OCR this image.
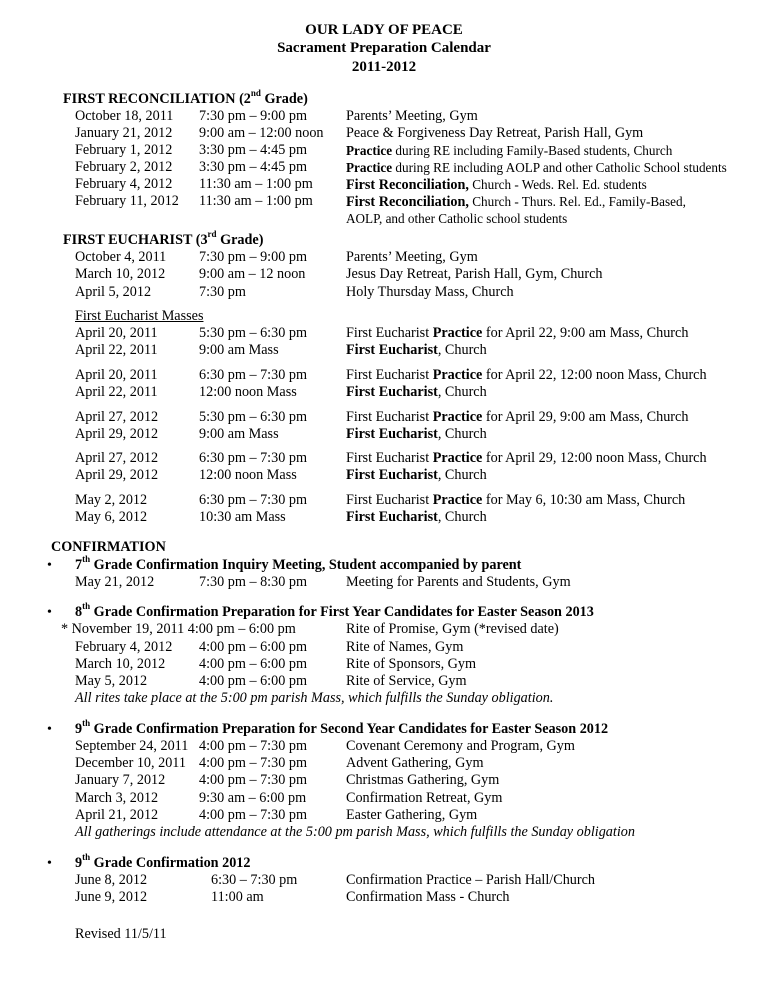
OUR LADY OF PEACE
Sacrament Preparation Calendar
2011-2012
FIRST RECONCILIATION (2nd Grade)
October 18, 2011 7:30 pm – 9:00 pm	Parents’ Meeting, Gym
January 21, 2012 9:00 am – 12:00 noon Peace & Forgiveness Day Retreat, Parish Hall, Gym
February 1, 2012 3:30 pm – 4:45 pm	Practice during RE including Family-Based students, Church
February 2, 2012 3:30 pm – 4:45 pm	Practice during RE including AOLP and other Catholic School students
February 4, 2012 11:30 am – 1:00 pm First Reconciliation, Church - Weds. Rel. Ed. students
February 11, 2012 11:30 am – 1:00 pm First Reconciliation, Church - Thurs. Rel. Ed., Family-Based,
AOLP, and other Catholic school students
FIRST EUCHARIST (3rd Grade)
October 4, 2011 7:30 pm – 9:00 pm	Parents’ Meeting, Gym
March 10, 2012 9:00 am – 12 noon	Jesus Day Retreat, Parish Hall, Gym, Church
April 5, 2012	7:30 pm	Holy Thursday Mass, Church
First Eucharist Masses
April 20, 2011	5:30 pm – 6:30 pm	First Eucharist Practice for April 22, 9:00 am Mass, Church
April 22, 2011	9:00 am Mass	First Eucharist, Church
April 20, 2011	6:30 pm – 7:30 pm	First Eucharist Practice for April 22, 12:00 noon Mass, Church
April 22, 2011	12:00 noon Mass	First Eucharist, Church
April 27, 2012	5:30 pm – 6:30 pm	First Eucharist Practice for April 29, 9:00 am Mass, Church
April 29, 2012	9:00 am Mass	First Eucharist, Church
April 27, 2012	6:30 pm – 7:30 pm	First Eucharist Practice for April 29, 12:00 noon Mass, Church
April 29, 2012	12:00 noon Mass	First Eucharist, Church
May 2, 2012	6:30 pm – 7:30 pm	First Eucharist Practice for May 6, 10:30 am Mass, Church
May 6, 2012	10:30 am Mass	First Eucharist, Church
CONFIRMATION
• 7th Grade Confirmation Inquiry Meeting, Student accompanied by parent
May 21, 2012	7:30 pm – 8:30 pm	Meeting for Parents and Students, Gym
• 8th Grade Confirmation Preparation for First Year Candidates for Easter Season 2013
* November 19, 2011 4:00 pm – 6:00 pm	Rite of Promise, Gym (*revised date)
February 4, 2012 4:00 pm – 6:00 pm	Rite of Names, Gym
March 10, 2012 4:00 pm – 6:00 pm	Rite of Sponsors, Gym
May 5, 2012	4:00 pm – 6:00 pm	Rite of Service, Gym
All rites take place at the 5:00 pm parish Mass, which fulfills the Sunday obligation.
• 9th Grade Confirmation Preparation for Second Year Candidates for Easter Season 2012
September 24, 2011 4:00 pm – 7:30 pm	Covenant Ceremony and Program, Gym
December 10, 2011 4:00 pm – 7:30 pm	Advent Gathering, Gym
January 7, 2012 4:00 pm – 7:30 pm	Christmas Gathering, Gym
March 3, 2012	9:30 am – 6:00 pm	Confirmation Retreat, Gym
April 21, 2012	4:00 pm – 7:30 pm	Easter Gathering, Gym
All gatherings include attendance at the 5:00 pm parish Mass, which fulfills the Sunday obligation
• 9th Grade Confirmation 2012
June 8, 2012	6:30 – 7:30 pm	Confirmation Practice – Parish Hall/Church
June 9, 2012	11:00 am	Confirmation Mass - Church
Revised 11/5/11
